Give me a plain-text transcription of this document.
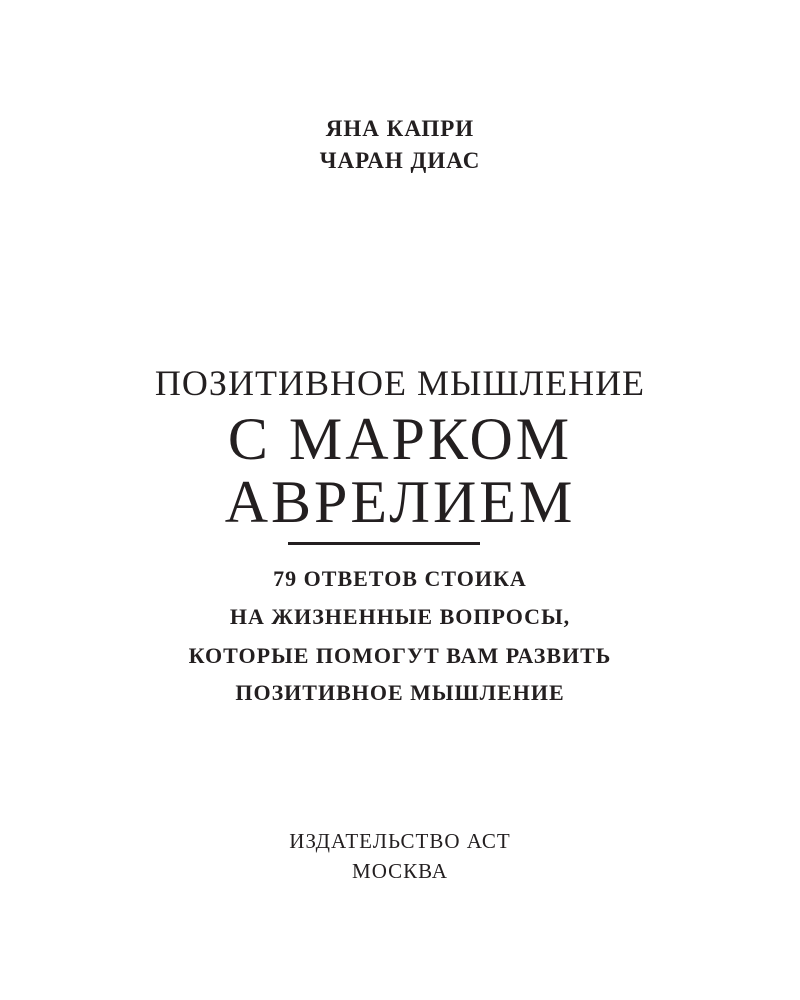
ЯНА КАПРИ
ЧАРАН ДИАС
ПОЗИТИВНОЕ МЫШЛЕНИЕ
С МАРКОМ
АВРЕЛИЕМ
79 ОТВЕТОВ СТОИКА
НА ЖИЗНЕННЫЕ ВОПРОСЫ,
КОТОРЫЕ ПОМОГУТ ВАМ РАЗВИТЬ
ПОЗИТИВНОЕ МЫШЛЕНИЕ
ИЗДАТЕЛЬСТВО АСТ
МОСКВА
